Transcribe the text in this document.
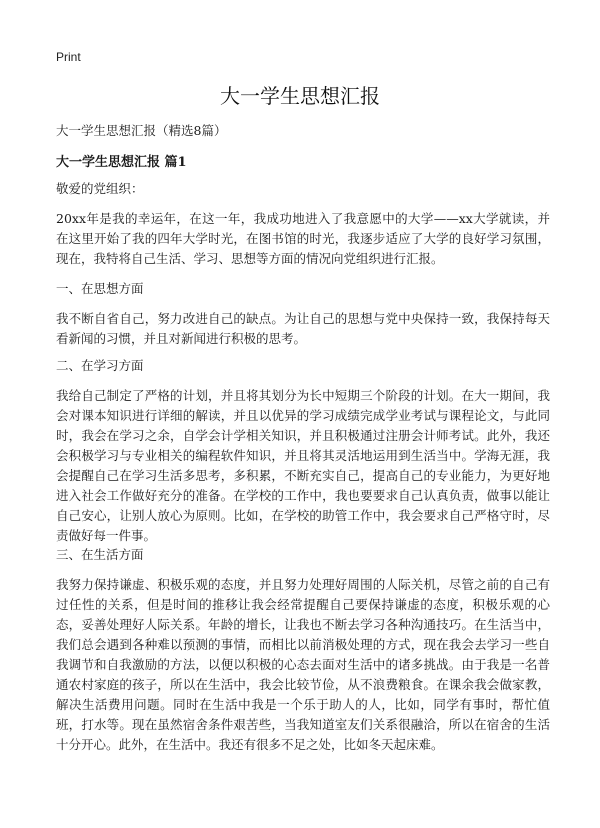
Print
大一学生思想汇报

大一学生思想汇报（精选8篇）

大一学生思想汇报 篇1

敬爱的党组织：

20xx年是我的幸运年，在这一年，我成功地进入了我意愿中的大学——xx大学就读，并在这里开始了我的四年大学时光，在图书馆的时光，我逐步适应了大学的良好学习氛围，现在，我特将自己生活、学习、思想等方面的情况向党组织进行汇报。

一、在思想方面

我不断自省自己，努力改进自己的缺点。为让自己的思想与党中央保持一致，我保持每天看新闻的习惯，并且对新闻进行积极的思考。

二、在学习方面

我给自己制定了严格的计划，并且将其划分为长中短期三个阶段的计划。在大一期间，我会对课本知识进行详细的解读，并且以优异的学习成绩完成学业考试与课程论文，与此同时，我会在学习之余，自学会计学相关知识，并且积极通过注册会计师考试。此外，我还会积极学习与专业相关的编程软件知识，并且将其灵活地运用到生活当中。学海无涯，我会提醒自己在学习生活多思考，多积累，不断充实自己，提高自己的专业能力，为更好地进入社会工作做好充分的准备。在学校的工作中，我也要要求自己认真负责，做事以能让自己安心，让别人放心为原则。比如，在学校的助管工作中，我会要求自己严格守时，尽责做好每一件事。

三、在生活方面

我努力保持谦虚、积极乐观的态度，并且努力处理好周围的人际关机，尽管之前的自己有过任性的关系，但是时间的推移让我会经常提醒自己要保持谦虚的态度，积极乐观的心态，妥善处理好人际关系。年龄的增长，让我也不断去学习各种沟通技巧。在生活当中，我们总会遇到各种难以预测的事情，而相比以前消极处理的方式，现在我会去学习一些自我调节和自我激励的方法，以便以积极的心态去面对生活中的诸多挑战。由于我是一名普通农村家庭的孩子，所以在生活中，我会比较节俭，从不浪费粮食。在课余我会做家教，解决生活费用问题。同时在生活中我是一个乐于助人的人，比如，同学有事时，帮忙值班，打水等。现在虽然宿舍条件艰苦些，当我知道室友们关系很融洽，所以在宿舍的生活十分开心。此外，在生活中。我还有很多不足之处，比如冬天起床难。
